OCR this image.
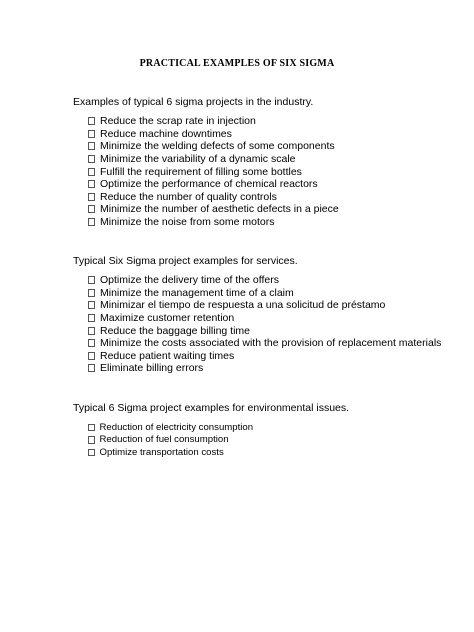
PRACTICAL EXAMPLES OF SIX SIGMA
Examples of typical 6 sigma projects in the industry.
Reduce the scrap rate in injection
Reduce machine downtimes
Minimize the welding defects of some components
Minimize the variability of a dynamic scale
Fulfill the requirement of filling some bottles
Optimize the performance of chemical reactors
Reduce the number of quality controls
Minimize the number of aesthetic defects in a piece
Minimize the noise from some motors
Typical Six Sigma project examples for services.
Optimize the delivery time of the offers
Minimize the management time of a claim
Minimizar el tiempo de respuesta a una solicitud de préstamo
Maximize customer retention
Reduce the baggage billing time
Minimize the costs associated with the provision of replacement materials
Reduce patient waiting times
Eliminate billing errors
Typical 6 Sigma project examples for environmental issues.
Reduction of electricity consumption
Reduction of fuel consumption
Optimize transportation costs
